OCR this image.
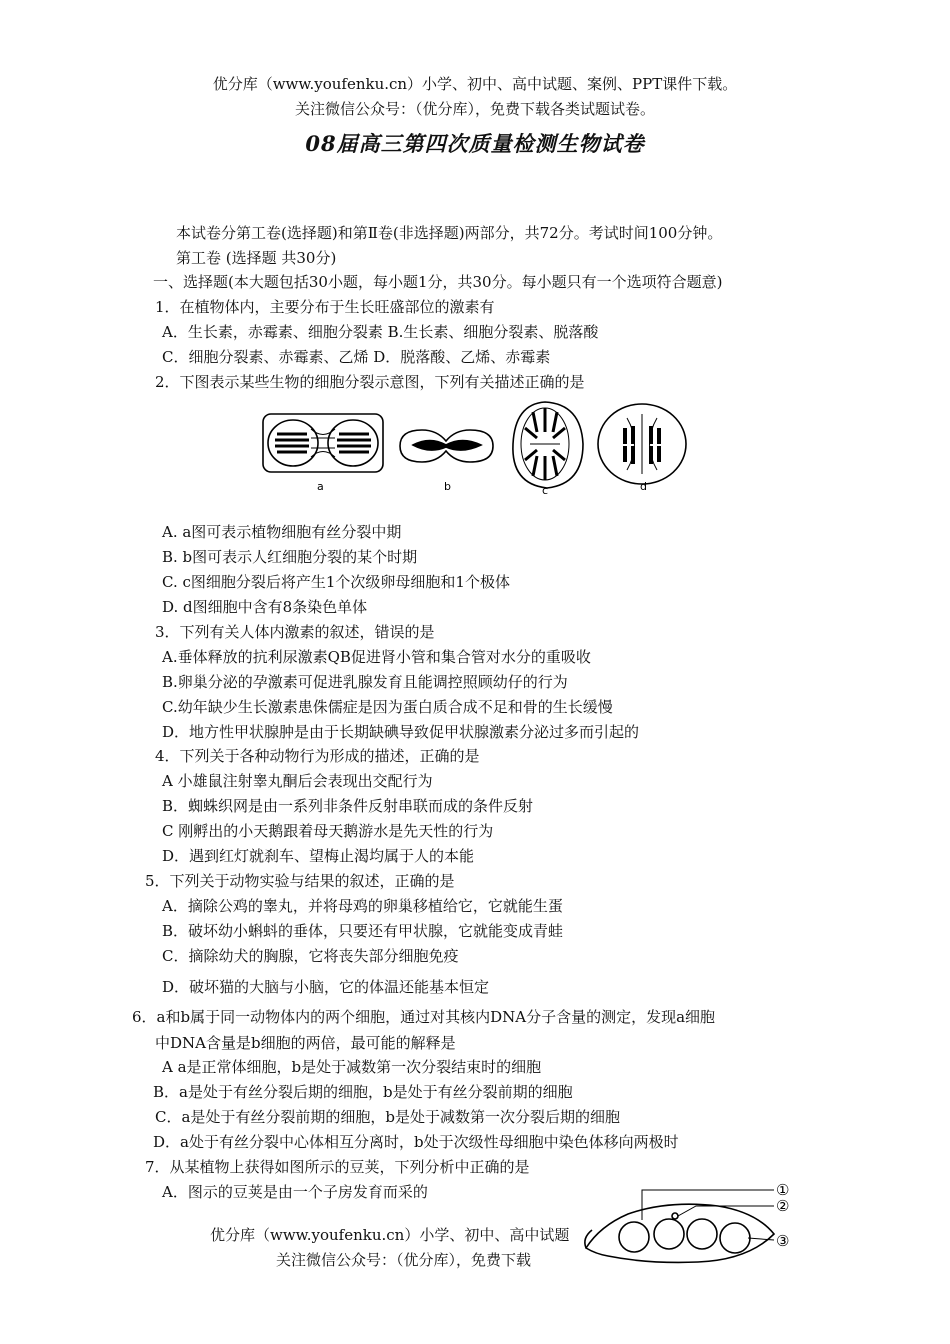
优分库（www.youfenku.cn）小学、初中、高中试题、案例、PPT课件下载。
关注微信公众号：（优分库），免费下载各类试题试卷。
08届高三第四次质量检测生物试卷
本试卷分第工卷(选择题)和第Ⅱ卷(非选择题)两部分，共72分。考试时间100分钟。
第工卷 (选择题 共30分)
一、选择题(本大题包括30小题，每小题1分，共30分。每小题只有一个选项符合题意)
1．在植物体内，主要分布于生长旺盛部位的激素有
A．生长素，赤霉素、细胞分裂素 B.生长素、细胞分裂素、脱落酸
C．细胞分裂素、赤霉素、乙烯 D．脱落酸、乙烯、赤霉素
2．下图表示某些生物的细胞分裂示意图，下列有关描述正确的是
a	b	c	d
A. a图可表示植物细胞有丝分裂中期
B. b图可表示人红细胞分裂的某个时期
C. c图细胞分裂后将产生1个次级卵母细胞和1个极体
D. d图细胞中含有8条染色单体
3．下列有关人体内激素的叙述，错误的是
A.垂体释放的抗利尿激素QB促进肾小管和集合管对水分的重吸收
B.卵巢分泌的孕激素可促进乳腺发育且能调控照顾幼仔的行为
C.幼年缺少生长激素患侏儒症是因为蛋白质合成不足和骨的生长缓慢
D．地方性甲状腺肿是由于长期缺碘导致促甲状腺激素分泌过多而引起的
4．下列关于各种动物行为形成的描述，正确的是
A 小雄鼠注射睾丸酮后会表现出交配行为
B．蜘蛛织网是由一系列非条件反射串联而成的条件反射
C 刚孵出的小天鹅跟着母天鹅游水是先天性的行为
D．遇到红灯就刹车、望梅止渴均属于人的本能
5．下列关于动物实验与结果的叙述，正确的是
A．摘除公鸡的睾丸，并将母鸡的卵巢移植给它，它就能生蛋
B．破坏幼小蝌蚪的垂体，只要还有甲状腺，它就能变成青蛙
C．摘除幼犬的胸腺，它将丧失部分细胞免疫
D．破坏猫的大脑与小脑，它的体温还能基本恒定
6．a和b属于同一动物体内的两个细胞，通过对其核内DNA分子含量的测定，发现a细胞
中DNA含量是b细胞的两倍，最可能的解释是
A a是正常体细胞，b是处于减数第一次分裂结束时的细胞
B．a是处于有丝分裂后期的细胞，b是处于有丝分裂前期的细胞
C．a是处于有丝分裂前期的细胞，b是处于减数第一次分裂后期的细胞
D．a处于有丝分裂中心体相互分离时，b处于次级性母细胞中染色体移向两极时
7．从某植物上获得如图所示的豆荚，下列分析中正确的是
A．图示的豆荚是由一个子房发育而采的	①
②
③
优分库（www.youfenku.cn）小学、初中、高中试题
关注微信公众号：（优分库），免费下载
